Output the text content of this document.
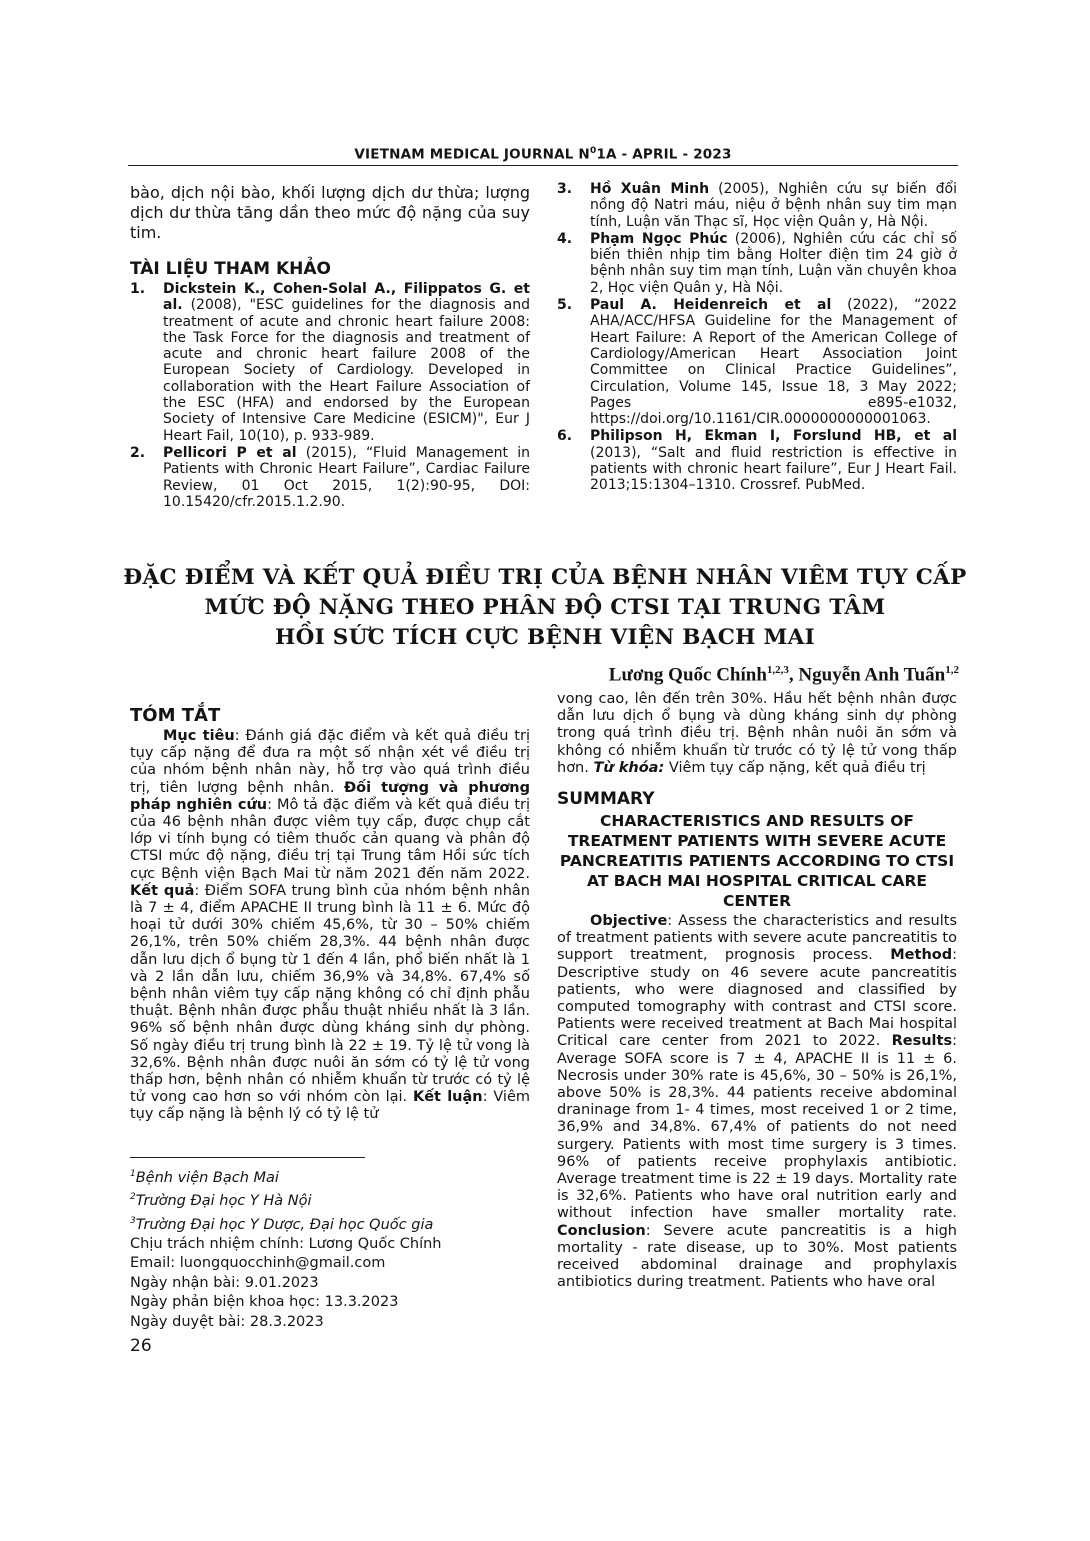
VIETNAM MEDICAL JOURNAL $N^01A$ - APRIL - 2023

bào, dịch nội bào, khối lượng dịch dư thừa; lượng dịch dư thừa tăng dần theo mức độ nặng của suy tim.

TÀI LIỆU THAM KHẢO
1. Dickstein K., Cohen-Solal A., Filippatos G. et al. (2008), "ESC guidelines for the diagnosis and treatment of acute and chronic heart failure 2008: the Task Force for the diagnosis and treatment of acute and chronic heart failure 2008 of the European Society of Cardiology. Developed in collaboration with the Heart Failure Association of the ESC (HFA) and endorsed by the European Society of Intensive Care Medicine (ESICM)", Eur J Heart Fail, 10(10), p. 933-989.
2. Pellicori P et al (2015), “Fluid Management in Patients with Chronic Heart Failure”, Cardiac Failure Review, 01 Oct 2015, 1(2):90-95, DOI: 10.15420/cfr.2015.1.2.90.
3. Hồ Xuân Minh (2005), Nghiên cứu sự biến đổi nồng độ Natri máu, niệu ở bệnh nhân suy tim mạn tính, Luận văn Thạc sĩ, Học viện Quân y, Hà Nội.
4. Phạm Ngọc Phúc (2006), Nghiên cứu các chỉ số biến thiên nhịp tim bằng Holter điện tim 24 giờ ở bệnh nhân suy tim mạn tính, Luận văn chuyên khoa 2, Học viện Quân y, Hà Nội.
5. Paul A. Heidenreich et al (2022), “2022 AHA/ACC/HFSA Guideline for the Management of Heart Failure: A Report of the American College of Cardiology/American Heart Association Joint Committee on Clinical Practice Guidelines”, Circulation, Volume 145, Issue 18, 3 May 2022; Pages e895-e1032, https://doi.org/10.1161/CIR.0000000000001063.
6. Philipson H, Ekman I, Forslund HB, et al (2013), “Salt and fluid restriction is effective in patients with chronic heart failure”, Eur J Heart Fail. 2013;15:1304–1310. Crossref. PubMed.
ĐẶC ĐIỂM VÀ KẾT QUẢ ĐIỀU TRỊ CỦA BỆNH NHÂN VIÊM TỤY CẤP
MỨC ĐỘ NẶNG THEO PHÂN ĐỘ CTSI TẠI TRUNG TÂM
HỒI SỨC TÍCH CỰC BỆNH VIỆN BẠCH MAI
Lương Quốc Chính$^{1,2,3}$, Nguyễn Anh Tuấn$^{1,2}$
TÓM TẮT

Mục tiêu: Đánh giá đặc điểm và kết quả điều trị tụy cấp nặng để đưa ra một số nhận xét về điều trị của nhóm bệnh nhân này, hỗ trợ vào quá trình điều trị, tiên lượng bệnh nhân. Đối tượng và phương pháp nghiên cứu: Mô tả đặc điểm và kết quả điều trị của 46 bệnh nhân được viêm tụy cấp, được chụp cắt lớp vi tính bụng có tiêm thuốc cản quang và phân độ CTSI mức độ nặng, điều trị tại Trung tâm Hồi sức tích cực Bệnh viện Bạch Mai từ năm 2021 đến năm 2022. Kết quả: Điểm SOFA trung bình của nhóm bệnh nhân là 7 ± 4, điểm APACHE II trung bình là 11 ± 6. Mức độ hoại tử dưới 30% chiếm 45,6%, từ 30 – 50% chiếm 26,1%, trên 50% chiếm 28,3%. 44 bệnh nhân được dẫn lưu dịch ổ bụng từ 1 đến 4 lần, phổ biến nhất là 1 và 2 lần dẫn lưu, chiếm 36,9% và 34,8%. 67,4% số bệnh nhân viêm tụy cấp nặng không có chỉ định phẫu thuật. Bệnh nhân được phẫu thuật nhiều nhất là 3 lần. 96% số bệnh nhân được dùng kháng sinh dự phòng. Số ngày điều trị trung bình là 22 ± 19. Tỷ lệ tử vong là 32,6%. Bệnh nhân được nuôi ăn sớm có tỷ lệ tử vong thấp hơn, bệnh nhân có nhiễm khuẩn từ trước có tỷ lệ tử vong cao hơn so với nhóm còn lại. Kết luận: Viêm tụy cấp nặng là bệnh lý có tỷ lệ tử

vong cao, lên đến trên 30%. Hầu hết bệnh nhân được dẫn lưu dịch ổ bụng và dùng kháng sinh dự phòng trong quá trình điều trị. Bệnh nhân nuôi ăn sớm và không có nhiễm khuẩn từ trước có tỷ lệ tử vong thấp hơn. Từ khóa: Viêm tụy cấp nặng, kết quả điều trị

SUMMARY
CHARACTERISTICS AND RESULTS OF TREATMENT PATIENTS WITH SEVERE ACUTE PANCREATITIS PATIENTS ACCORDING TO CTSI AT BACH MAI HOSPITAL CRITICAL CARE CENTER

Objective: Assess the characteristics and results of treatment patients with severe acute pancreatitis to support treatment, prognosis process. Method: Descriptive study on 46 severe acute pancreatitis patients, who were diagnosed and classified by computed tomography with contrast and CTSI score. Patients were received treatment at Bach Mai hospital Critical care center from 2021 to 2022. Results: Average SOFA score is 7 ± 4, APACHE II is 11 ± 6. Necrosis under 30% rate is 45,6%, 30 – 50% is 26,1%, above 50% is 28,3%. 44 patients receive abdominal draninage from 1- 4 times, most received 1 or 2 time, 36,9% and 34,8%. 67,4% of patients do not need surgery. Patients with most time surgery is 3 times. 96% of patients receive prophylaxis antibiotic. Average treatment time is 22 ± 19 days. Mortality rate is 32,6%. Patients who have oral nutrition early and without infection have smaller mortality rate. Conclusion: Severe acute pancreatitis is a high mortality - rate disease, up to 30%. Most patients received abdominal drainage and prophylaxis antibiotics during treatment. Patients who have oral

$^1$Bệnh viện Bạch Mai
$^2$Trường Đại học Y Hà Nội
$^3$Trường Đại học Y Dược, Đại học Quốc gia
Chịu trách nhiệm chính: Lương Quốc Chính
Email: luongquocchinh@gmail.com
Ngày nhận bài: 9.01.2023
Ngày phản biện khoa học: 13.3.2023
Ngày duyệt bài: 28.3.2023
26
